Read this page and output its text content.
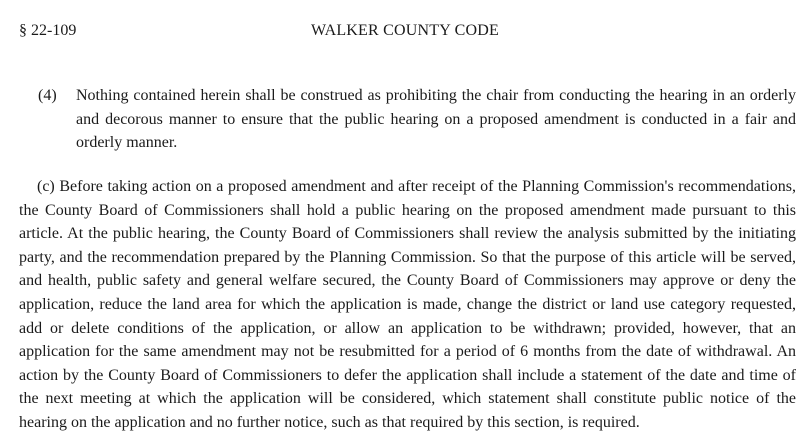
§ 22-109	WALKER COUNTY CODE
(4) Nothing contained herein shall be construed as prohibiting the chair from conducting the hearing in an orderly and decorous manner to ensure that the public hearing on a proposed amendment is conducted in a fair and orderly manner.
(c) Before taking action on a proposed amendment and after receipt of the Planning Commission's recommendations, the County Board of Commissioners shall hold a public hearing on the proposed amendment made pursuant to this article. At the public hearing, the County Board of Commissioners shall review the analysis submitted by the initiating party, and the recommendation prepared by the Planning Commission. So that the purpose of this article will be served, and health, public safety and general welfare secured, the County Board of Commissioners may approve or deny the application, reduce the land area for which the application is made, change the district or land use category requested, add or delete conditions of the application, or allow an application to be withdrawn; provided, however, that an application for the same amendment may not be resubmitted for a period of 6 months from the date of withdrawal. An action by the County Board of Commissioners to defer the application shall include a statement of the date and time of the next meeting at which the application will be considered, which statement shall constitute public notice of the hearing on the application and no further notice, such as that required by this section, is required.
